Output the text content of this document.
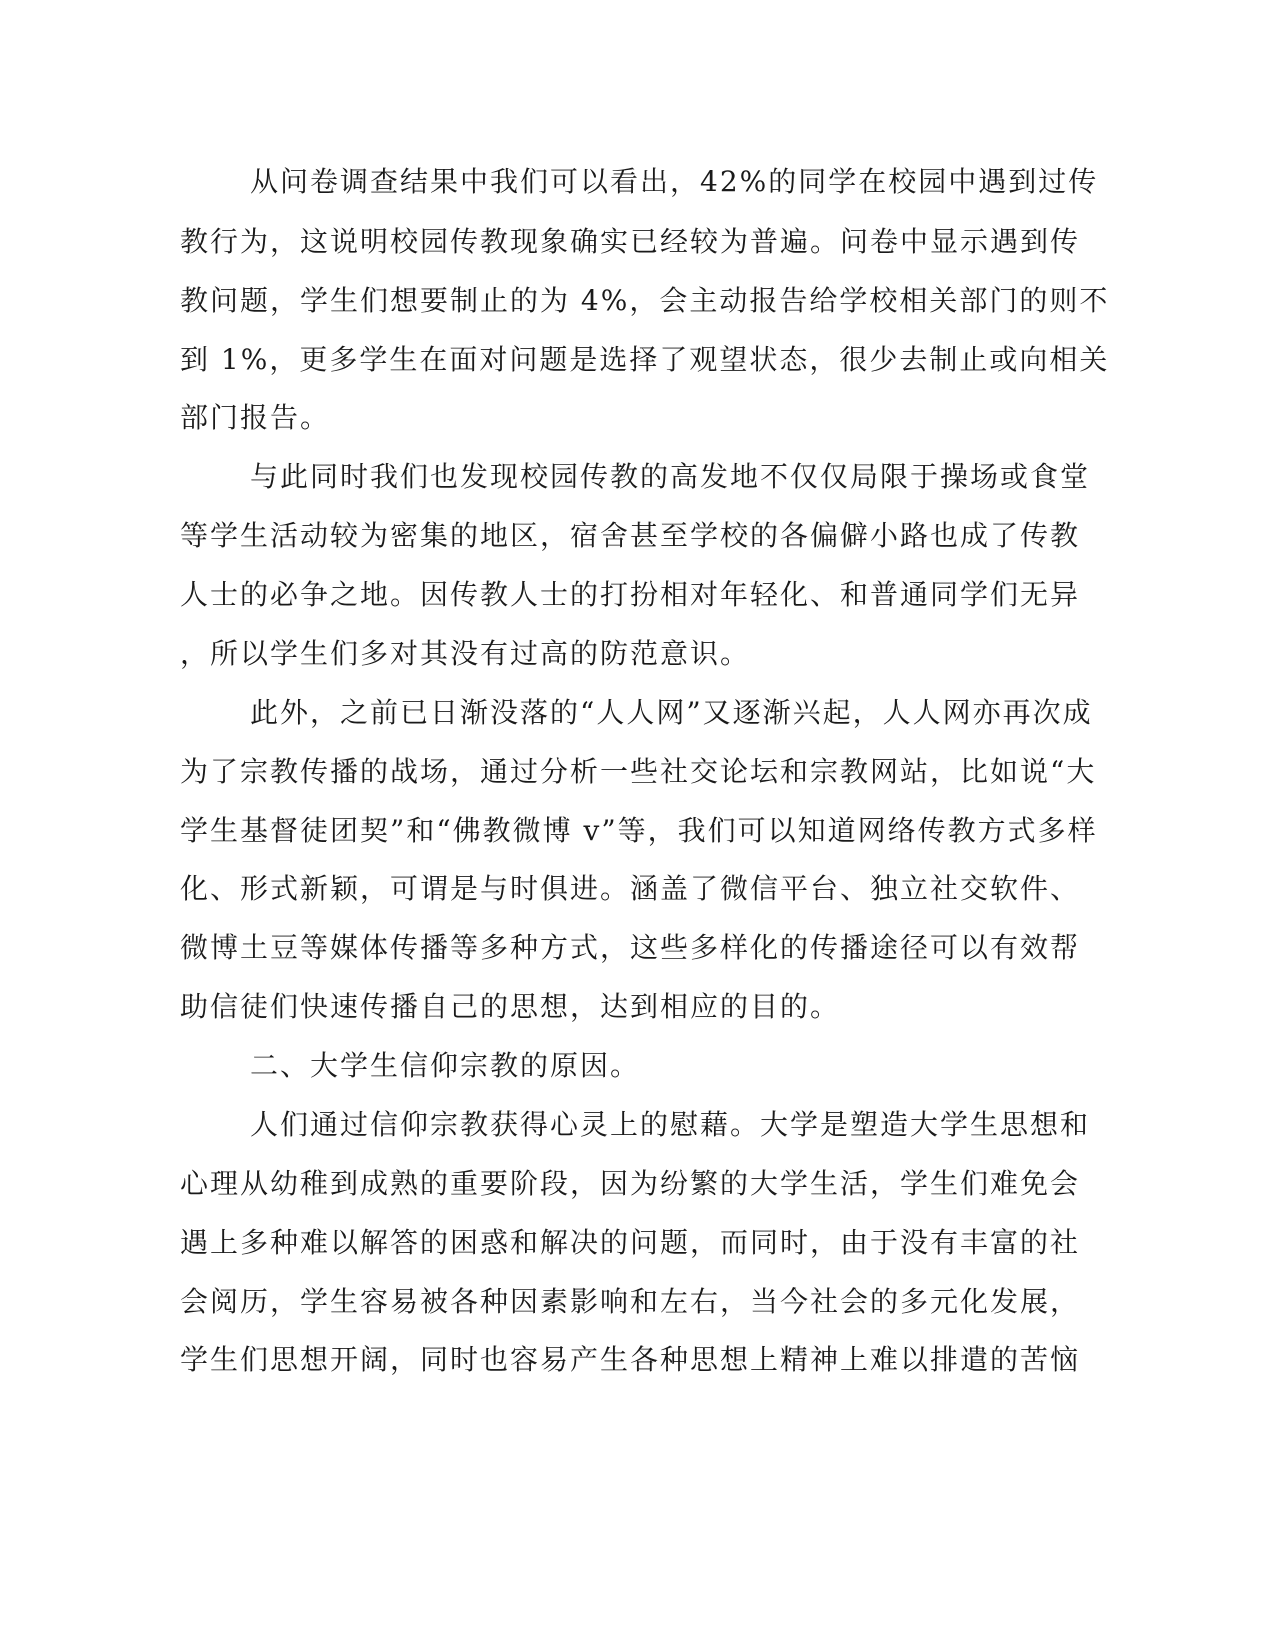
从问卷调查结果中我们可以看出，42%的同学在校园中遇到过传
教行为，这说明校园传教现象确实已经较为普遍。问卷中显示遇到传
教问题，学生们想要制止的为 4%，会主动报告给学校相关部门的则不
到 1%，更多学生在面对问题是选择了观望状态，很少去制止或向相关
部门报告。
与此同时我们也发现校园传教的高发地不仅仅局限于操场或食堂
等学生活动较为密集的地区，宿舍甚至学校的各偏僻小路也成了传教
人士的必争之地。因传教人士的打扮相对年轻化、和普通同学们无异
，所以学生们多对其没有过高的防范意识。
此外，之前已日渐没落的“人人网”又逐渐兴起，人人网亦再次成
为了宗教传播的战场，通过分析一些社交论坛和宗教网站，比如说“大
学生基督徒团契”和“佛教微博 v”等，我们可以知道网络传教方式多样
化、形式新颖，可谓是与时俱进。涵盖了微信平台、独立社交软件、
微博土豆等媒体传播等多种方式，这些多样化的传播途径可以有效帮
助信徒们快速传播自己的思想，达到相应的目的。
二、大学生信仰宗教的原因。
人们通过信仰宗教获得心灵上的慰藉。大学是塑造大学生思想和
心理从幼稚到成熟的重要阶段，因为纷繁的大学生活，学生们难免会
遇上多种难以解答的困惑和解决的问题，而同时，由于没有丰富的社
会阅历，学生容易被各种因素影响和左右，当今社会的多元化发展，
学生们思想开阔，同时也容易产生各种思想上精神上难以排遣的苦恼
